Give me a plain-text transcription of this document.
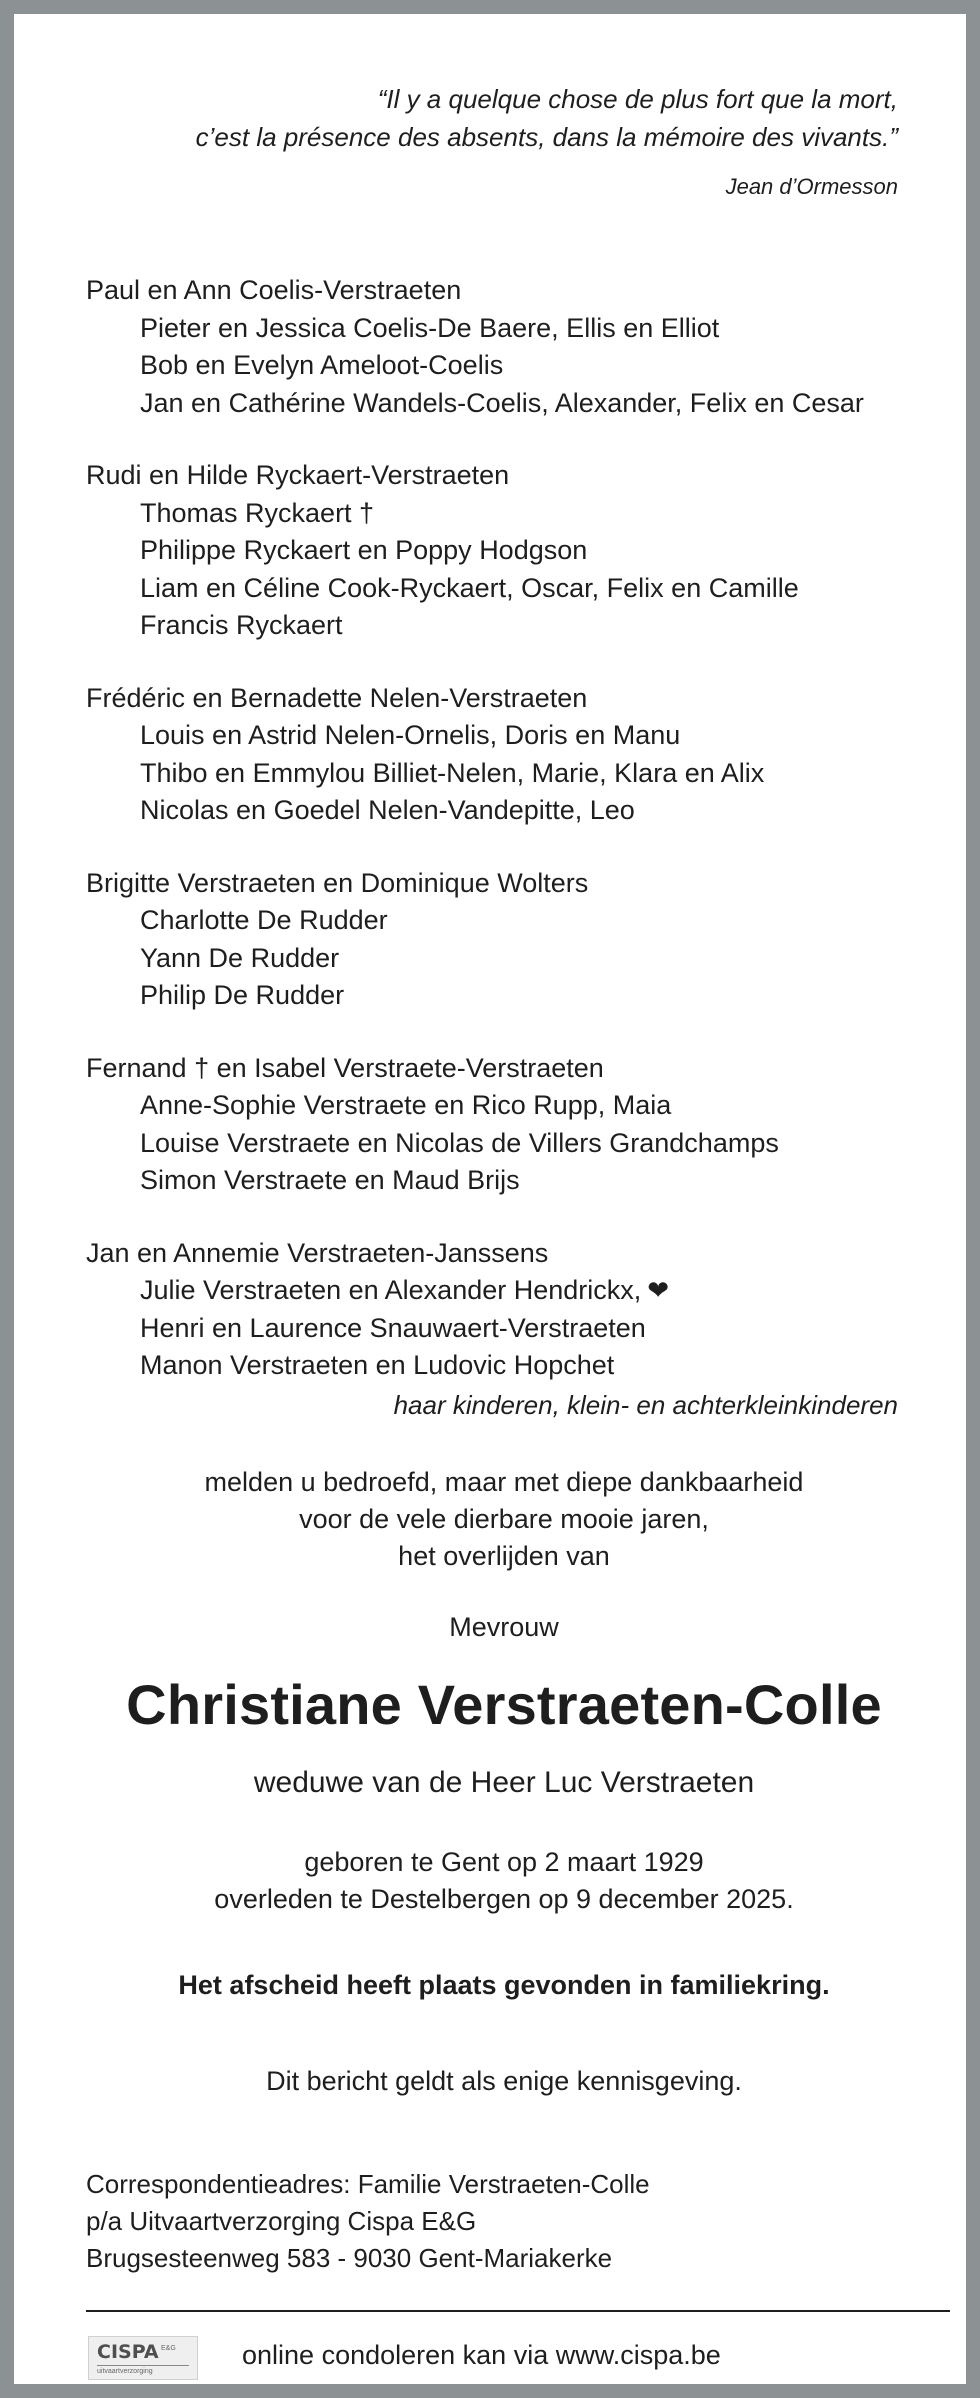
“Il y a quelque chose de plus fort que la mort,
c’est la présence des absents, dans la mémoire des vivants.”
Jean d’Ormesson
Paul en Ann Coelis-Verstraeten
Pieter en Jessica Coelis-De Baere, Ellis en Elliot
Bob en Evelyn Ameloot-Coelis
Jan en Cathérine Wandels-Coelis, Alexander, Felix en Cesar
Rudi en Hilde Ryckaert-Verstraeten
Thomas Ryckaert †
Philippe Ryckaert en Poppy Hodgson
Liam en Céline Cook-Ryckaert, Oscar, Felix en Camille
Francis Ryckaert
Frédéric en Bernadette Nelen-Verstraeten
Louis en Astrid Nelen-Ornelis, Doris en Manu
Thibo en Emmylou Billiet-Nelen, Marie, Klara en Alix
Nicolas en Goedel Nelen-Vandepitte, Leo
Brigitte Verstraeten en Dominique Wolters
Charlotte De Rudder
Yann De Rudder
Philip De Rudder
Fernand † en Isabel Verstraete-Verstraeten
Anne-Sophie Verstraete en Rico Rupp, Maia
Louise Verstraete en Nicolas de Villers Grandchamps
Simon Verstraete en Maud Brijs
Jan en Annemie Verstraeten-Janssens
Julie Verstraeten en Alexander Hendrickx, ❤
Henri en Laurence Snauwaert-Verstraeten
Manon Verstraeten en Ludovic Hopchet
haar kinderen, klein- en achterkleinkinderen
melden u bedroefd, maar met diepe dankbaarheid
voor de vele dierbare mooie jaren,
het overlijden van
Mevrouw
Christiane Verstraeten-Colle
weduwe van de Heer Luc Verstraeten
geboren te Gent op 2 maart 1929
overleden te Destelbergen op 9 december 2025.
Het afscheid heeft plaats gevonden in familiekring.
Dit bericht geldt als enige kennisgeving.
Correspondentieadres: Familie Verstraeten-Colle
p/a Uitvaartverzorging Cispa E&G
Brugsesteenweg 583 - 9030 Gent-Mariakerke
CISPA E&G
uitvaartverzorging
online condoleren kan via www.cispa.be
